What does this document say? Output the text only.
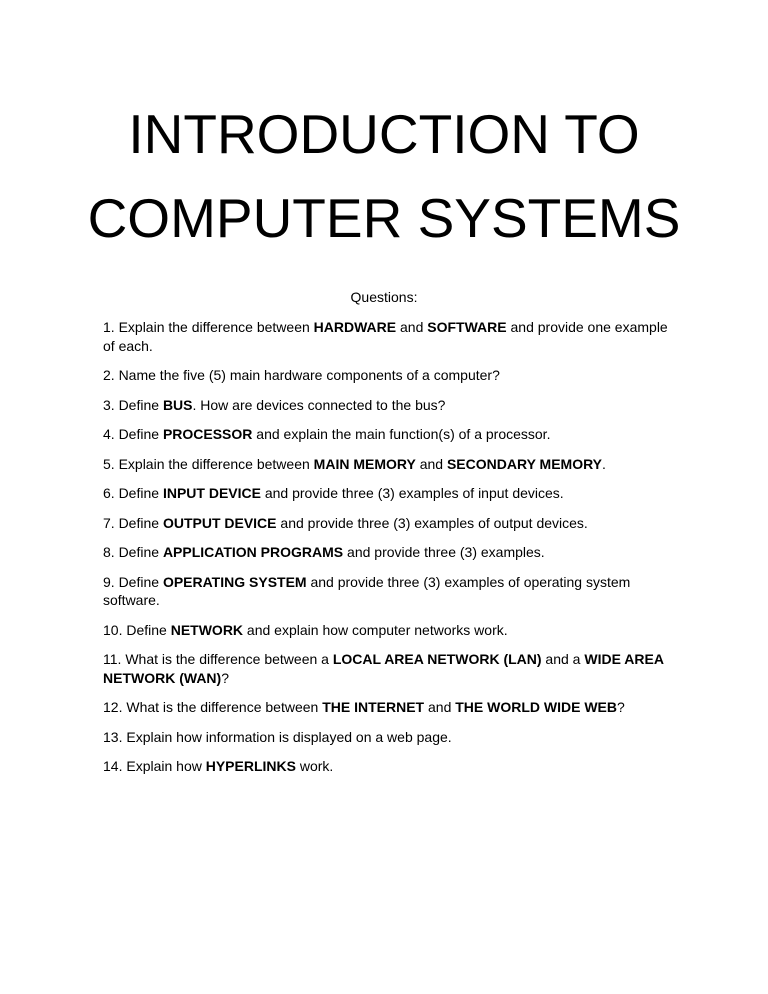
INTRODUCTION TO
COMPUTER SYSTEMS
Questions:

1. Explain the difference between HARDWARE and SOFTWARE and provide one example of each.

2. Name the five (5) main hardware components of a computer?

3. Define BUS. How are devices connected to the bus?

4. Define PROCESSOR and explain the main function(s) of a processor.

5. Explain the difference between MAIN MEMORY and SECONDARY MEMORY.

6. Define INPUT DEVICE and provide three (3) examples of input devices.

7. Define OUTPUT DEVICE and provide three (3) examples of output devices.

8. Define APPLICATION PROGRAMS and provide three (3) examples.

9. Define OPERATING SYSTEM and provide three (3) examples of operating system software.

10. Define NETWORK and explain how computer networks work.

11. What is the difference between a LOCAL AREA NETWORK (LAN) and a WIDE AREA NETWORK (WAN)?

12. What is the difference between THE INTERNET and THE WORLD WIDE WEB?

13. Explain how information is displayed on a web page.

14. Explain how HYPERLINKS work.
